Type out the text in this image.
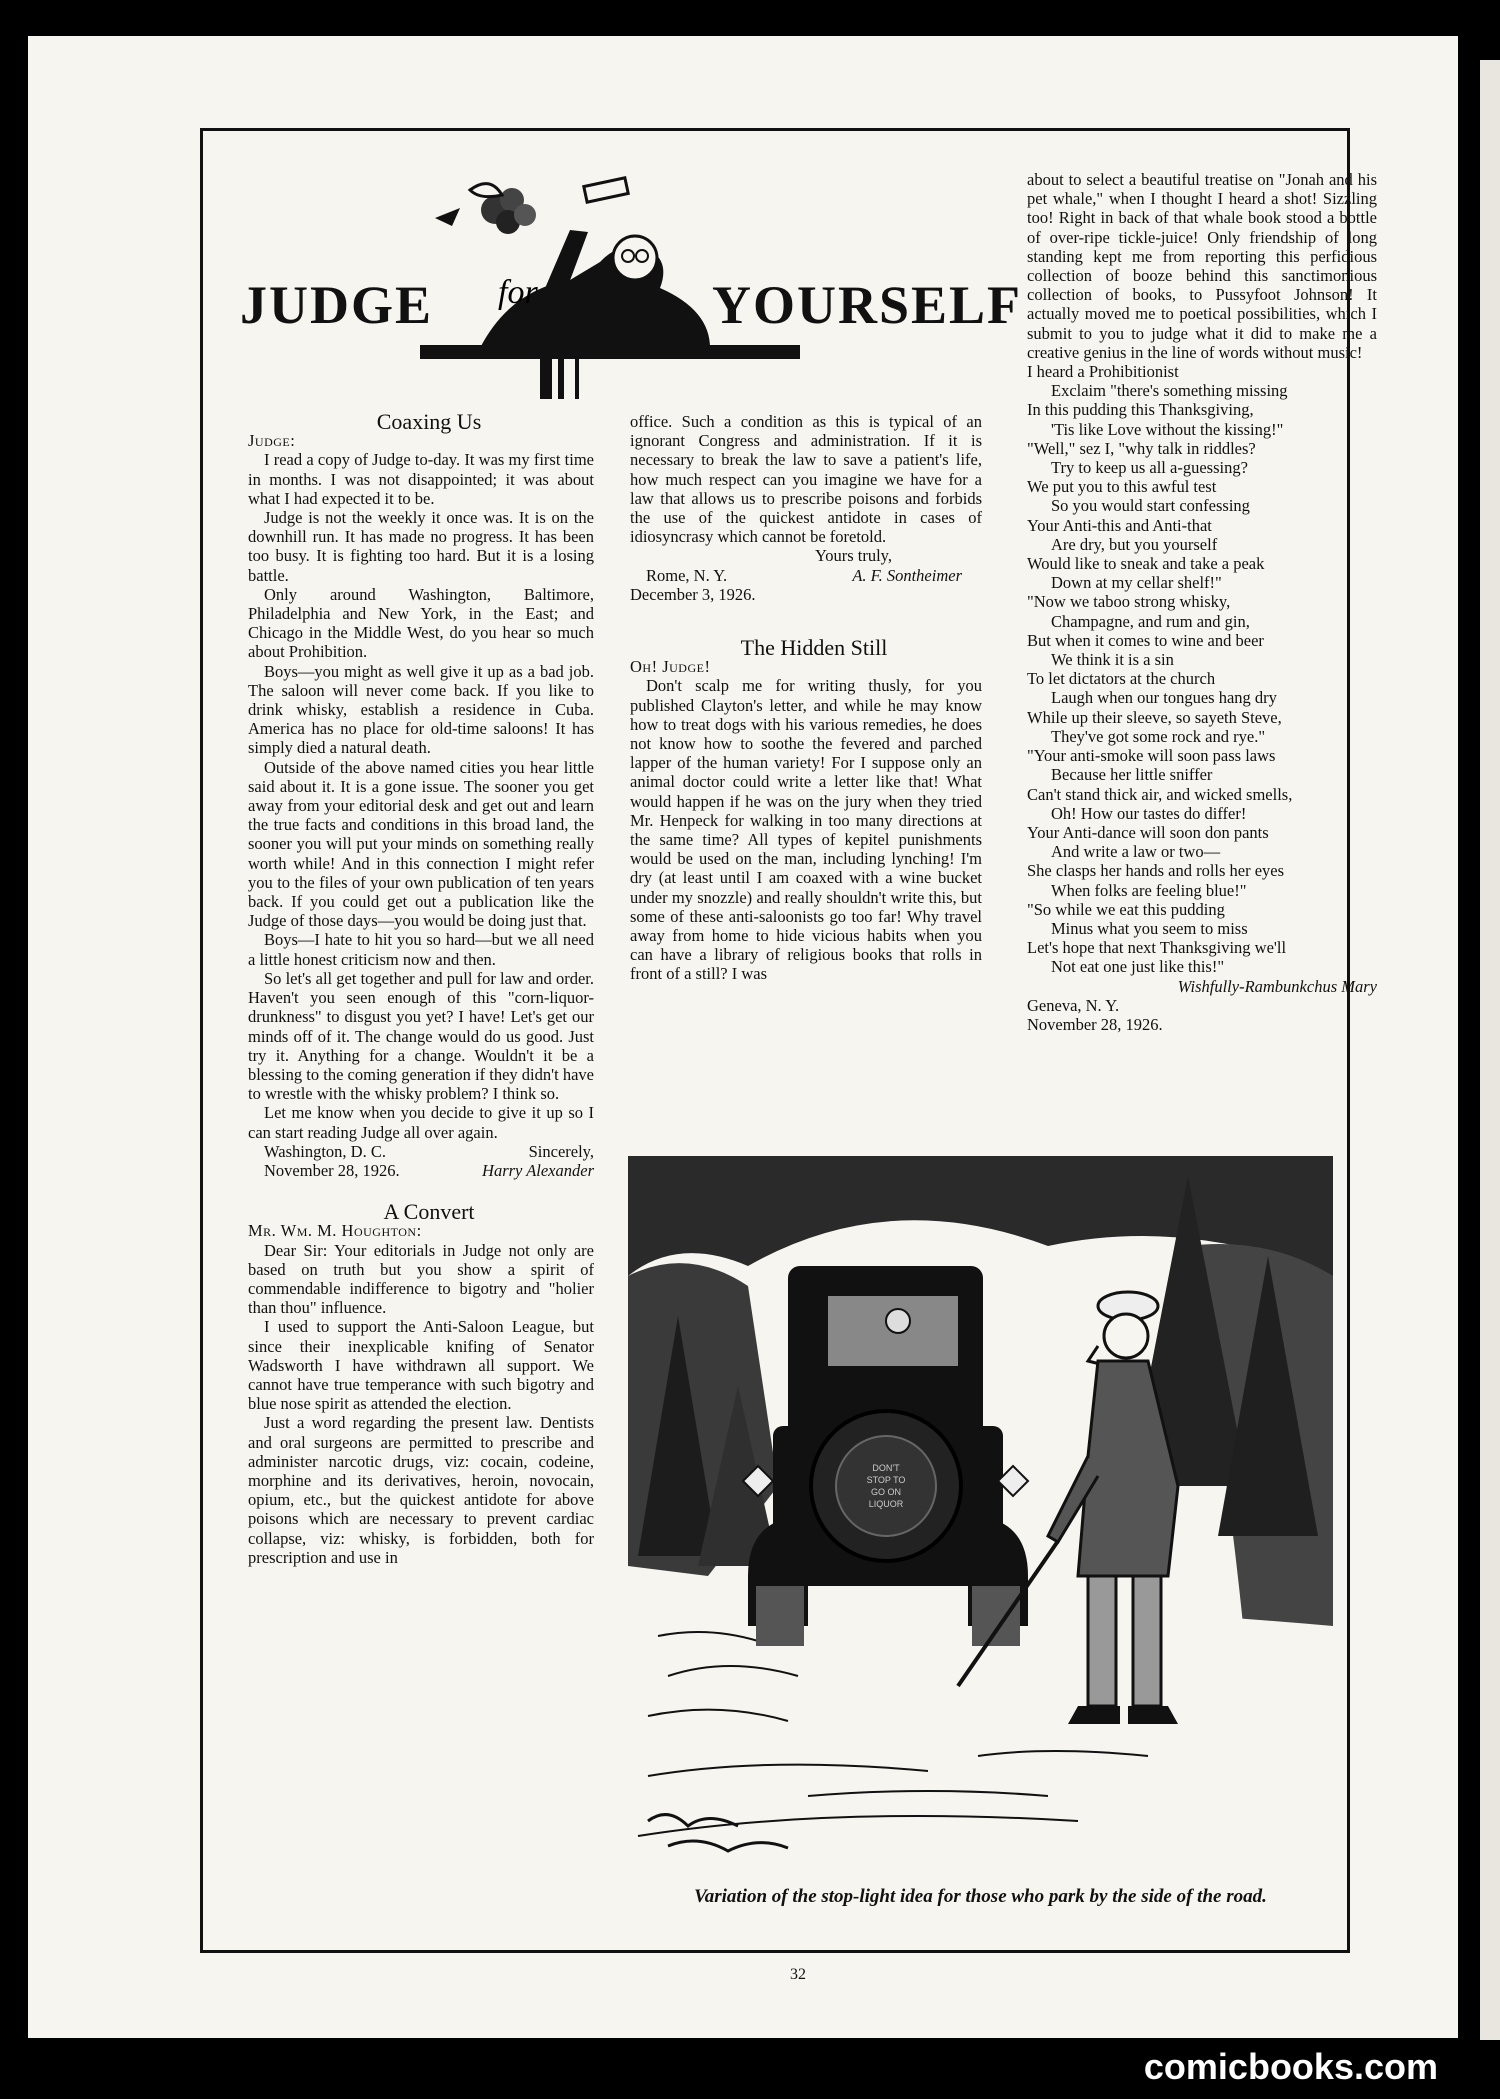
JUDGE for	YOURSELF

Coaxing Us

Judge:

I read a copy of Judge to-day. It was my first time in months. I was not disappointed; it was about what I had expected it to be.

Judge is not the weekly it once was. It is on the downhill run. It has made no progress. It has been too busy. It is fighting too hard. But it is a losing battle.

Only around Washington, Baltimore, Philadelphia and New York, in the East; and Chicago in the Middle West, do you hear so much about Prohibition.

Boys—you might as well give it up as a bad job. The saloon will never come back. If you like to drink whisky, establish a residence in Cuba. America has no place for old-time saloons! It has simply died a natural death.

Outside of the above named cities you hear little said about it. It is a gone issue. The sooner you get away from your editorial desk and get out and learn the true facts and conditions in this broad land, the sooner you will put your minds on something really worth while! And in this connection I might refer you to the files of your own publication of ten years back. If you could get out a publication like the Judge of those days—you would be doing just that.

Boys—I hate to hit you so hard—but we all need a little honest criticism now and then.

So let's all get together and pull for law and order. Haven't you seen enough of this "corn-liquor-drunkness" to disgust you yet? I have! Let's get our minds off of it. The change would do us good. Just try it. Anything for a change. Wouldn't it be a blessing to the coming generation if they didn't have to wrestle with the whisky problem? I think so.

Let me know when you decide to give it up so I can start reading Judge all over again.

Washington, D. C.	Sincerely,

November 28, 1926.	Harry Alexander

A Convert

Mr. Wm. M. Houghton:

Dear Sir: Your editorials in Judge not only are based on truth but you show a spirit of commendable indifference to bigotry and "holier than thou" influence.

I used to support the Anti-Saloon League, but since their inexplicable knifing of Senator Wadsworth I have withdrawn all support. We cannot have true temperance with such bigotry and blue nose spirit as attended the election.

Just a word regarding the present law. Dentists and oral surgeons are permitted to prescribe and administer narcotic drugs, viz: cocain, codeine, morphine and its derivatives, heroin, novocain, opium, etc., but the quickest antidote for above poisons which are necessary to prevent cardiac collapse, viz: whisky, is forbidden, both for prescription and use in

office. Such a condition as this is typical of an ignorant Congress and administration. If it is necessary to break the law to save a patient's life, how much respect can you imagine we have for a law that allows us to prescribe poisons and forbids the use of the quickest antidote in cases of idiosyncrasy which cannot be foretold.

Yours truly,

Rome, N. Y.	A. F. Sontheimer

December 3, 1926.

The Hidden Still

Oh! Judge!

Don't scalp me for writing thusly, for you published Clayton's letter, and while he may know how to treat dogs with his various remedies, he does not know how to soothe the fevered and parched lapper of the human variety! For I suppose only an animal doctor could write a letter like that! What would happen if he was on the jury when they tried Mr. Henpeck for walking in too many directions at the same time? All types of kepitel punishments would be used on the man, including lynching! I'm dry (at least until I am coaxed with a wine bucket under my snozzle) and really shouldn't write this, but some of these anti-saloonists go too far! Why travel away from home to hide vicious habits when you can have a library of religious books that rolls in front of a still? I was

about to select a beautiful treatise on "Jonah and his pet whale," when I thought I heard a shot! Sizzling too! Right in back of that whale book stood a bottle of over-ripe tickle-juice! Only friendship of long standing kept me from reporting this perfidious collection of booze behind this sanctimonious collection of books, to Pussyfoot Johnson! It actually moved me to poetical possibilities, which I submit to you to judge what it did to make me a creative genius in the line of words without music!

I heard a Prohibitionist

Exclaim "there's something missing

In this pudding this Thanksgiving,

'Tis like Love without the kissing!"

"Well," sez I, "why talk in riddles?

Try to keep us all a-guessing?

We put you to this awful test

So you would start confessing

Your Anti-this and Anti-that

Are dry, but you yourself

Would like to sneak and take a peak

Down at my cellar shelf!"

"Now we taboo strong whisky,

Champagne, and rum and gin,

But when it comes to wine and beer

We think it is a sin

To let dictators at the church

Laugh when our tongues hang dry

While up their sleeve, so sayeth Steve,

They've got some rock and rye."

"Your anti-smoke will soon pass laws

Because her little sniffer

Can't stand thick air, and wicked smells,

Oh! How our tastes do differ!

Your Anti-dance will soon don pants

And write a law or two—

She clasps her hands and rolls her eyes

When folks are feeling blue!"

"So while we eat this pudding

Minus what you seem to miss

Let's hope that next Thanksgiving we'll

Not eat one just like this!"

Wishfully-Rambunkchus Mary

Geneva, N. Y.

November 28, 1926.

DON'T
STOP TO
GO ON
LIQUOR
Variation of the stop-light idea for those who park by the side of the road.
32
comicbooks.com
